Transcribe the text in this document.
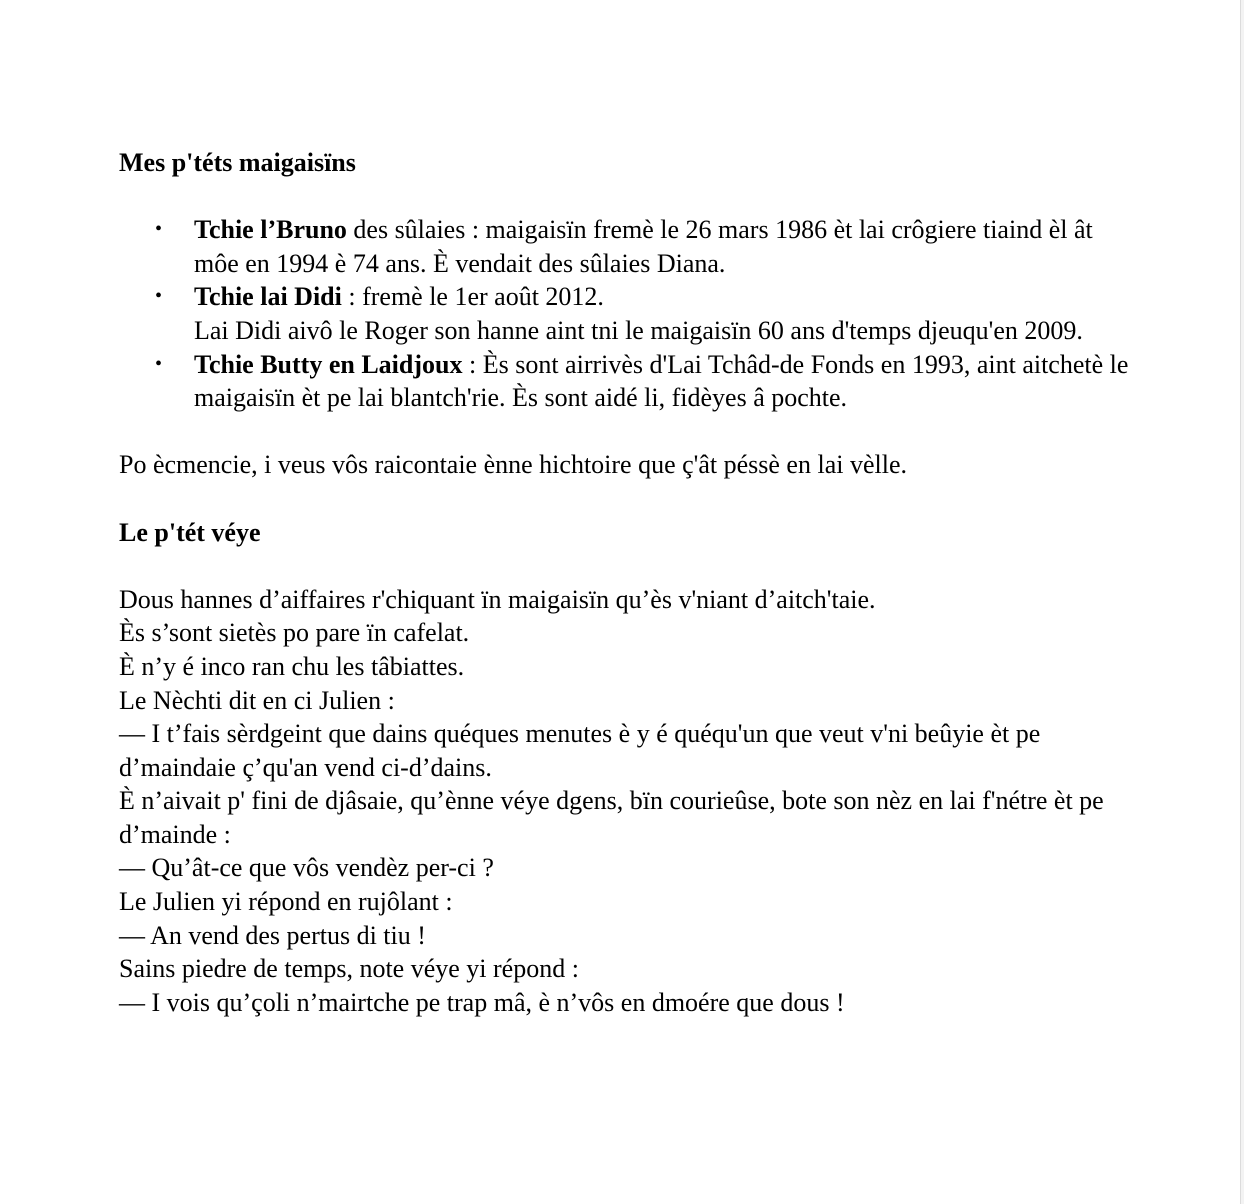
Mes p'téts maigaisïns

• Tchie l’Bruno des sûlaies : maigaisïn fremè le 26 mars 1986 èt lai crôgiere tiaind èl ât môe en 1994 è 74 ans. È vendait des sûlaies Diana.
• Tchie lai Didi : fremè le 1er août 2012.
Lai Didi aivô le Roger son hanne aint tni le maigaisïn 60 ans d'temps djeuqu'en 2009.
• Tchie Butty en Laidjoux : Ès sont airrivès d'Lai Tchâd-de Fonds en 1993, aint aitchetè le maigaisïn èt pe lai blantch'rie. Ès sont aidé li, fidèyes â pochte.

Po ècmencie, i veus vôs raicontaie ènne hichtoire que ç'ât péssè en lai vèlle.

Le p'tét véye

Dous hannes d’aiffaires r'chiquant ïn maigaisïn qu’ès v'niant d’aitch'taie.
Ès s’sont sietès po pare ïn cafelat.
È n’y é inco ran chu les tâbiattes.
Le Nèchti dit en ci Julien :
— I t’fais sèrdgeint que dains quéques menutes è y é quéqu'un que veut v'ni beûyie èt pe d’maindaie ç’qu'an vend ci-d’dains.
È n’aivait p' fini de djâsaie, qu’ènne véye dgens, bïn courieûse, bote son nèz en lai f'nétre èt pe d’mainde :
— Qu’ât-ce que vôs vendèz per-ci ?
Le Julien yi répond en rujôlant :
— An vend des pertus di tiu !
Sains piedre de temps, note véye yi répond :
— I vois qu’çoli n’mairtche pe trap mâ, è n’vôs en dmoére que dous !
